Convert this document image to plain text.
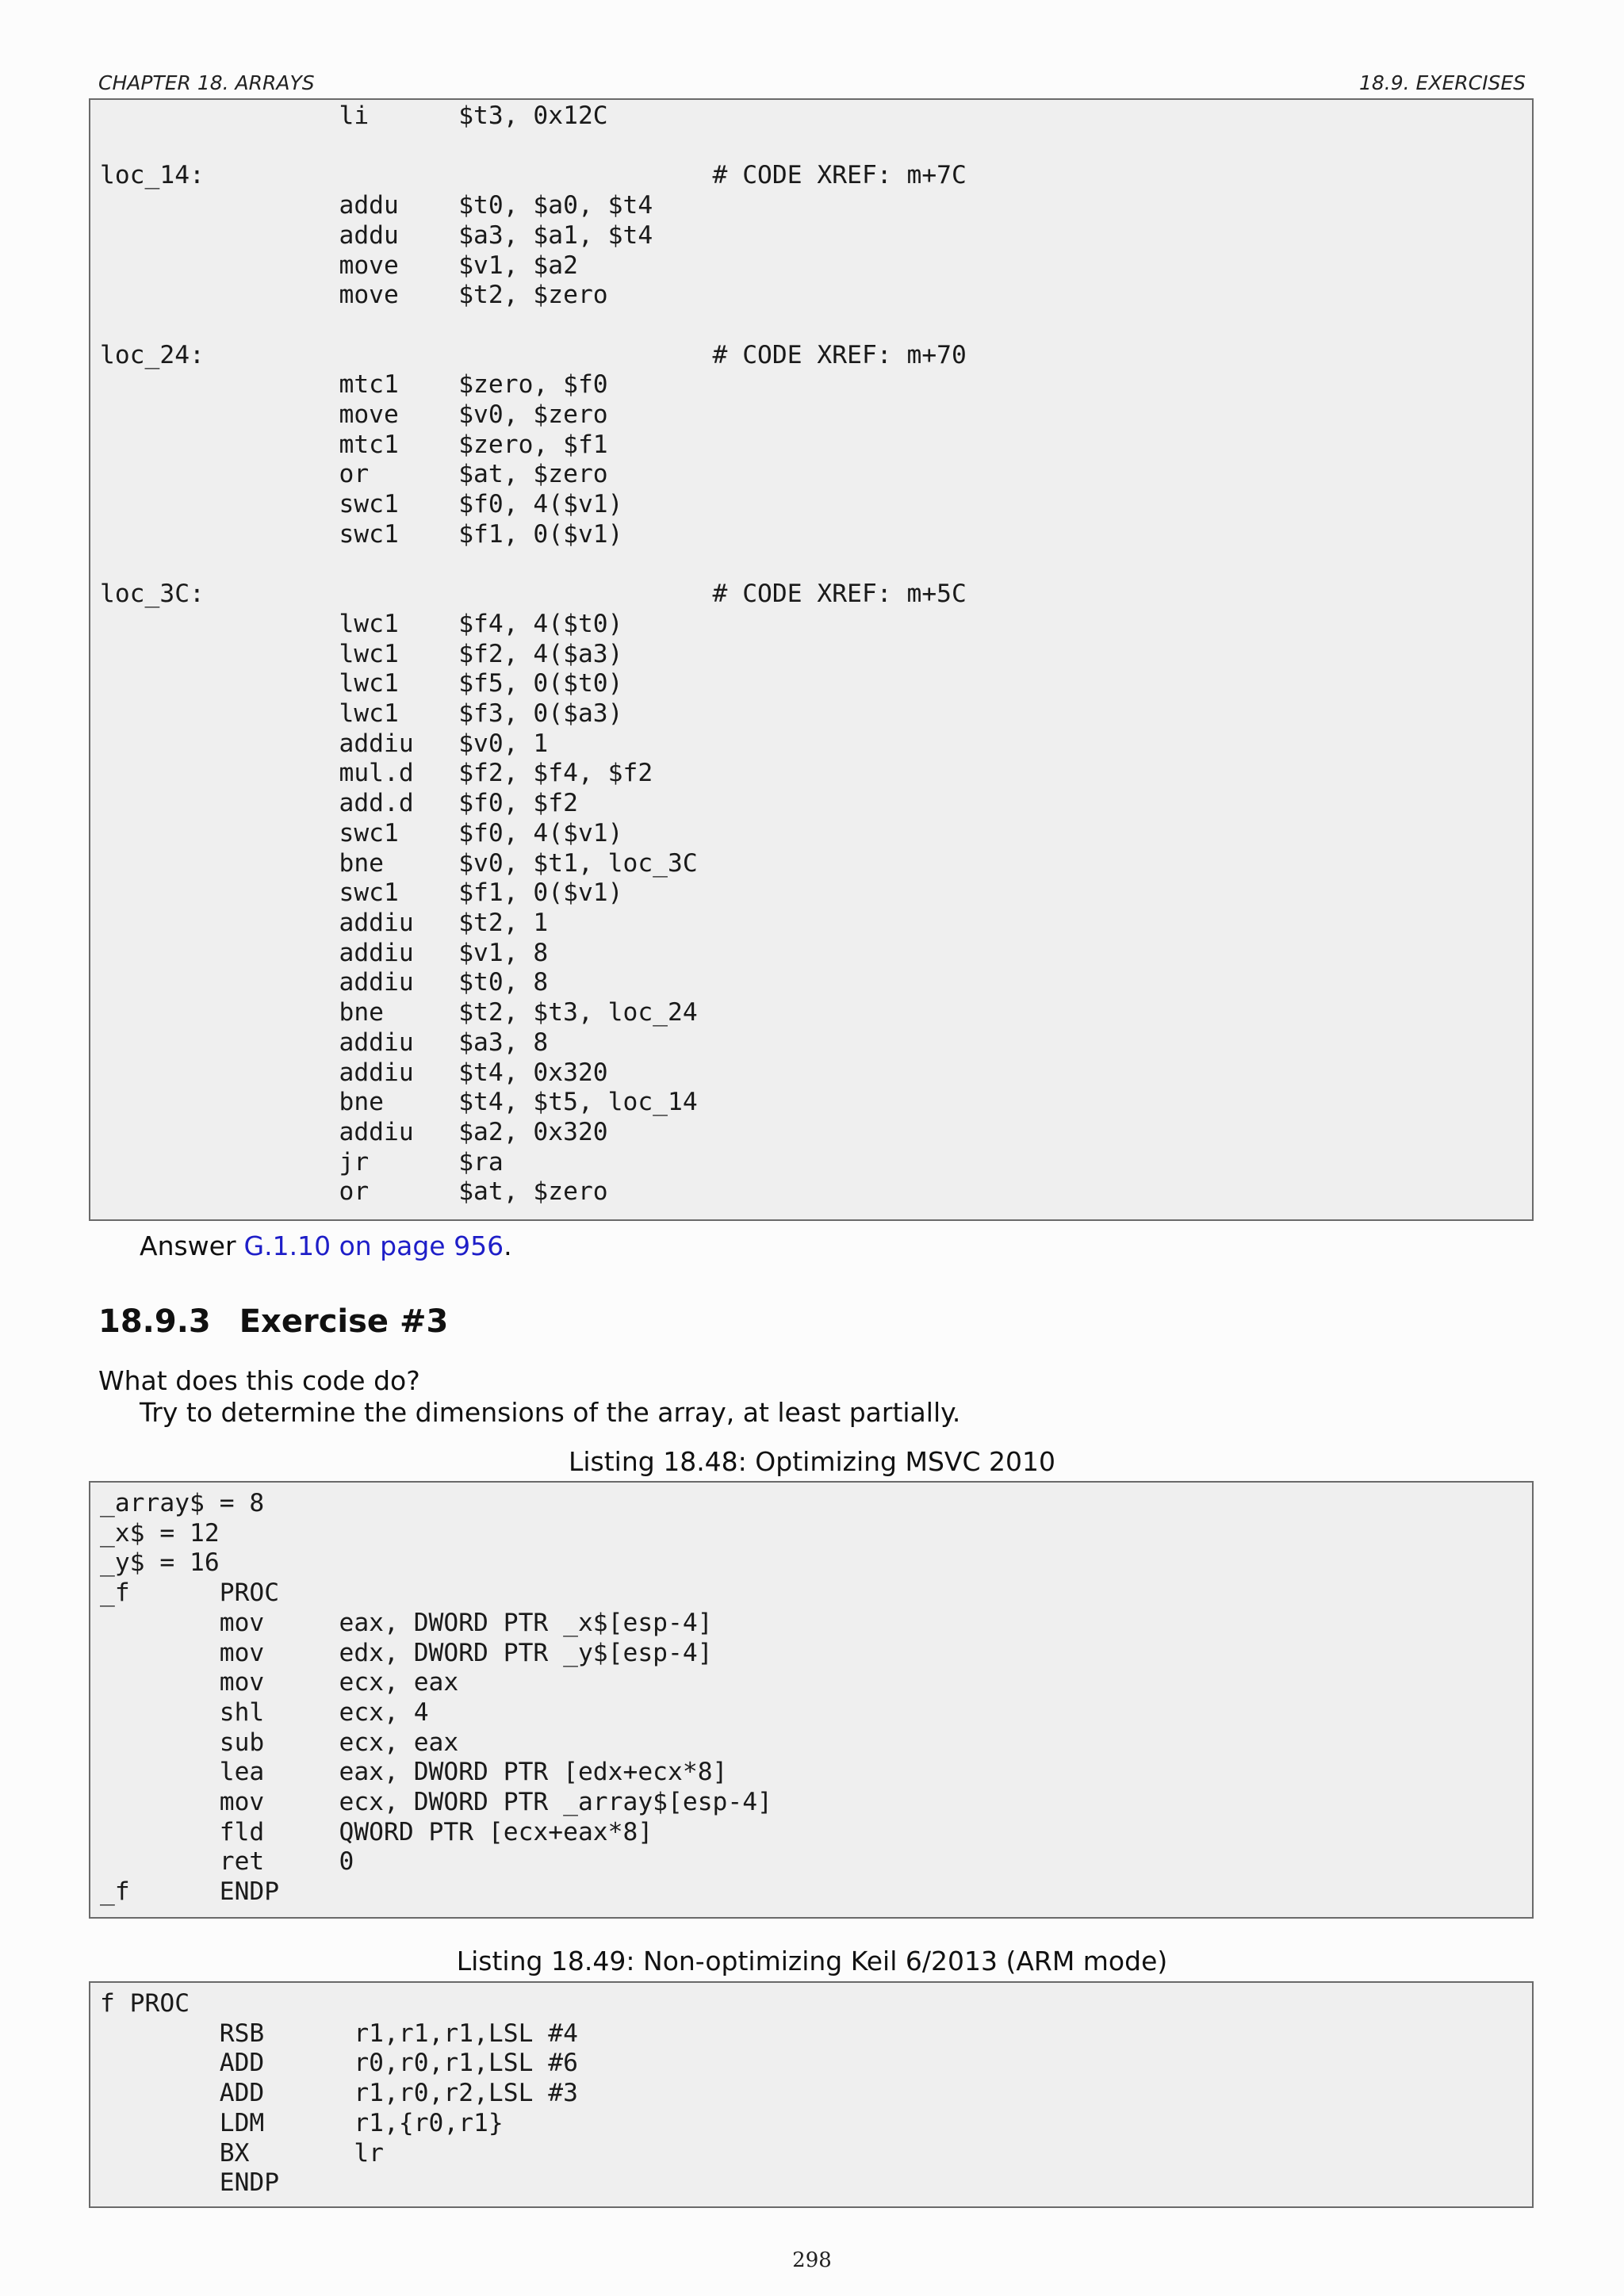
CHAPTER 18. ARRAYS	18.9. EXERCISES
li      $t3, 0x12C

loc_14:                                  # CODE XREF: m+7C
addu    $t0, $a0, $t4
addu    $a3, $a1, $t4
move    $v1, $a2
move    $t2, $zero

loc_24:                                  # CODE XREF: m+70
mtc1    $zero, $f0
move    $v0, $zero
mtc1    $zero, $f1
or      $at, $zero
swc1    $f0, 4($v1)
swc1    $f1, 0($v1)

loc_3C:                                  # CODE XREF: m+5C
lwc1    $f4, 4($t0)
lwc1    $f2, 4($a3)
lwc1    $f5, 0($t0)
lwc1    $f3, 0($a3)
addiu   $v0, 1
mul.d   $f2, $f4, $f2
add.d   $f0, $f2
swc1    $f0, 4($v1)
bne     $v0, $t1, loc_3C
swc1    $f1, 0($v1)
addiu   $t2, 1
addiu   $v1, 8
addiu   $t0, 8
bne     $t2, $t3, loc_24
addiu   $a3, 8
addiu   $t4, 0x320
bne     $t4, $t5, loc_14
addiu   $a2, 0x320
jr      $ra
or      $at, $zero
Answer G.1.10 on page 956.
18.9.3 Exercise #3
What does this code do?
Try to determine the dimensions of the array, at least partially.
Listing 18.48: Optimizing MSVC 2010
_array$ = 8
_x$ = 12
_y$ = 16
_f      PROC
mov     eax, DWORD PTR _x$[esp-4]
mov     edx, DWORD PTR _y$[esp-4]
mov     ecx, eax
shl     ecx, 4
sub     ecx, eax
lea     eax, DWORD PTR [edx+ecx*8]
mov     ecx, DWORD PTR _array$[esp-4]
fld     QWORD PTR [ecx+eax*8]
ret     0
_f      ENDP
Listing 18.49: Non-optimizing Keil 6/2013 (ARM mode)
f PROC
RSB      r1,r1,r1,LSL #4
ADD      r0,r0,r1,LSL #6
ADD      r1,r0,r2,LSL #3
LDM      r1,{r0,r1}
BX       lr
ENDP
298
